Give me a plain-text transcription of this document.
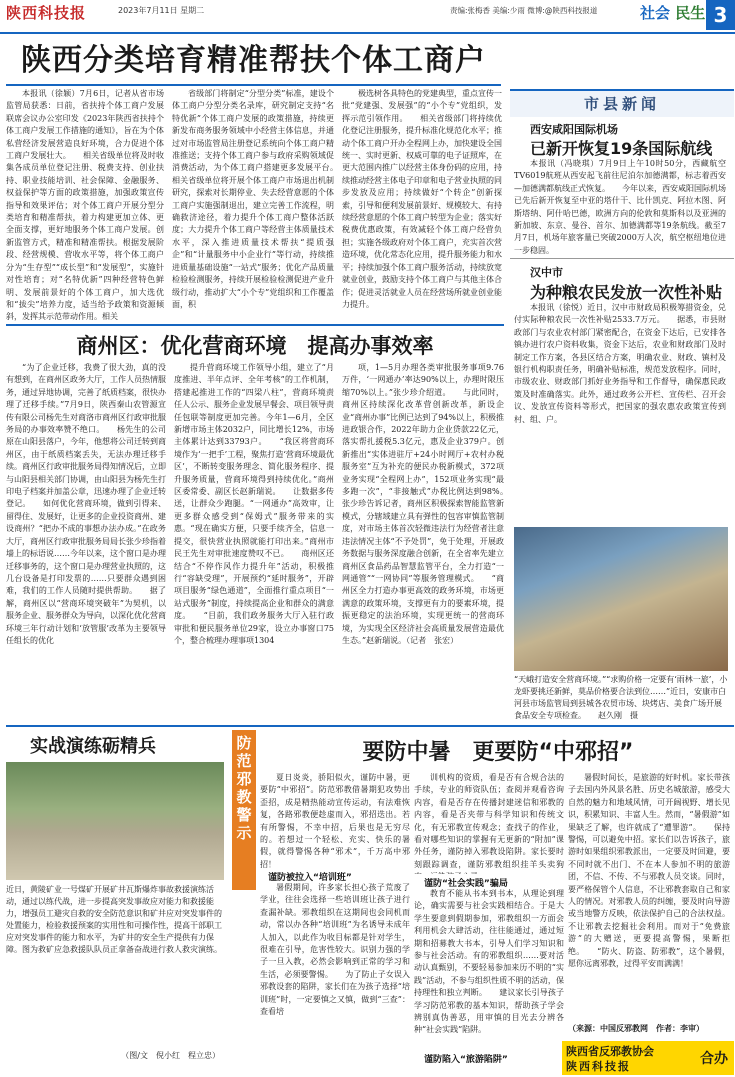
陕西科技报	2023年7月11日 星期二	责编:张梅香 美编:少雨 微博:@陕西科技报道	社会 民生 3
陕西分类培育精准帮扶个体工商户

本报讯（徐颖）7月6日，记者从省市场监管局获悉：日前，省扶持个体工商户发展联席会议办公室印发《2023年陕西省扶持个体工商户发展工作措施的通知》，旨在为个体私营经济发展营造良好环境，合力促进个体工商户发展壮大。　　相关省级单位将及时收集各成员单位登记注册、税费支持、创业扶持、职业技能培训、社会保障、金融服务、权益保护等方面的政策措施，加强政策宣传指导和效果评估；对个体工商户开展分型分类培育和精准帮扶，着力构建更加立体、更全面支撑，更好地服务个体工商户发展。创新监管方式，精准和精准帮扶。根据发展阶段、经营规模、营收水平等，将个体工商户分为“生存型”“成长型”和“发展型”，实施针对性培育；对“名特优新”四种经营特色鲜明、发展前景好的个体工商户，加大选优和“拔尖”培养力度，适当给予政策和资源倾斜，发挥其示范带动作用。相关

省级部门将制定“分型分类”标准，建设个体工商户分型分类名录库，研究制定支持“名特优新”个体工商户发展的政策措施，持续更新发布商务服务领域中小经营主体信息，并通过对市场监管局注册登记系统向个体工商户精准推送；支持个体工商户参与政府采购领域促消费活动，为个体工商户搭建更多发展平台。　　相关省级单位将开展个体工商户市场退出机制研究，探索对长期停业、失去经营意愿的个体工商户实施强制退出，建立完善工作流程，明确救济途径，着力提升个体工商户整体活跃度；大力提升个体工商户等经营主体质量技术水平，深入推进质量技术帮扶“提质强企”和“计量服务中小企业行”等行动，持续推进质量基础设施“一站式”服务；优化产品质量检验检测服务，持续开展检验检测促进产业升级行动，推动扩大“小个专”党组织和工作覆盖面，积

极选树各具特色的党建典型，重点宣传一批“党建强、发展强”的“小个专”党组织，发挥示范引领作用。　　相关省级部门将持续优化登记注册服务，提升标准化规范化水平；推动个体工商户开办全程网上办，加快建设全国统一、实时更新、权威可靠的电子证照库，在更大范围内推广以经营主体身份码的应用，持续推动经营主体电子印章和电子营业执照的同步发放及应用；持续做好“个转企”创新探索，引导和便利发展前景好、规模较大、有持续经营意愿的个体工商户转型为企业；落实好税费优惠政策，有效减轻个体工商户经营负担；实施各级政府对个体工商户，充实首次营造环境，优化常态化应用，提升服务能力和水平；持续加强个体工商户服务活动，持续放宽就业创业，鼓励支持个体工商户与其他主体合作；促进灵活就业人员在经营场所就业创业能力提升。

市县新闻
西安咸阳国际机场
已新开恢复19条国际航线

本报讯（冯晓琪）7月9日上午10时50分，西藏航空TV6019航班从西安起飞前往尼泊尔加德满都，标志着西安—加德满都航线正式恢复。　　今年以来，西安咸阳国际机场已先后新开恢复至中亚的塔什干、比什凯克、阿拉木图、阿斯塔纳、阿什哈巴德，欧洲方向的伦敦和莫斯科以及亚洲的新加坡、东京、曼谷、首尔、加德满都等19条航线。截至7月7日，机场年旅客量已突破2000万人次，航空枢纽地位进一步稳固。

汉中市
为种粮农民发放一次性补贴

本报讯（徐悦）近日，汉中市财政局积极筹措资金，兑付实际种粮农民一次性补贴2533.7万元。　　据悉，市县财政部门与农业农村部门紧密配合，在资金下达后，已安排各镇办进行农户资料收集，资金下达后，农业和财政部门及时制定工作方案，各县区结合方案，明确农业、财政、镇村及银行机构职责任务，明确补贴标准，规范发放程序。同时，市级农业、财政部门抓好业务指导和工作督导，确保惠民政策及时准确落实。此外，通过政务公开栏、宣传栏、召开会议、发放宣传资料等形式，把国家的强农惠农政策宣传到村、组、户。

“天峨打造安全营商环境。”“求购价格一定要有‘雨林一旅’，小龙虾要挑还新鲜，莫品价格要合法到位……”近日，安康市白河县市场监管局到县城各农贸市场、块烤店、美食广场开展食品安全专项检查。　　赵久刚　摄
商州区：优化营商环境　提高办事效率

“为了企业迁移，我费了很大劲，真的没有想到，在商州区政务大厅，工作人员热情服务，通过异地协调，完善了纸质档案，很快办理了迁移手续。”7月9日，陕西秦山农管源宣传有限公司杨先生对商洛市商州区行政审批服务局的办事效率赞不绝口。　　杨先生的公司原在山阳县落户，今年，他想将公司迁转到商州区，由于纸质档案丢失，无法办理迁移手续。商州区行政审批服务局得知情况后，立即与山阳县相关部门协调，由山阳县为杨先生打印电子档案并加盖公章，迅速办理了企业迁转登记。　　如何优化营商环境，做到引得来、留得住、发展好，让更多的企业投资商州、建设商州？“把办不成的事想办法办成。”在政务大厅，商州区行政审批服务局局长张少珍指着墙上的标语说……今年以来，这个窗口是办理迁移事务的，这个窗口是办理营业执照的，这几台设备是打印发票的……只要群众遇到困难，我们的工作人员随时提供帮助。　　据了解，商州区以“营商环境突破年”为契机，以服务企业、服务群众为导向，以深化优化营商环境三年行动计划和‘放管服’改革为主要领导任组长的优化

提升营商环境工作领导小组，建立了“月度推进、半年点评、全年考核”的工作机制，搭建起推进工作的“四梁八柱”，营商环境责任人公示、服务企业发展早餐会、项目领导责任包联等制度更加完善。今年1—6月，全区新增市场主体2032户，同比增长12%，市场主体累计达到33793户。　　“我区将营商环境作为‘一把手’工程，聚焦打造‘营商环境最优区’，不断转变服务理念、简化服务程序、提升服务质量，营商环境得到持续优化。”商州区委常委、副区长赵新瑞说。　　让数据多传送，让群众少跑腿。“一网通办”高效审，让更多群众感受到“保姆式”服务带来的实惠。“现在确实方便，只要手续齐全，信息一提交，很快营业执照就能打印出来。”商州市民王先生对审批速度赞叹不已。　　商州区还结合“不停作风作力提升年”活动，积极推行“容缺受理”，开展预约“延时服务”，开辟项目服务“绿色通道”，全面推行重点项目“一站式服务”制度，持续提高企业和群众的满意度。　　“目前，我们政务服务大厅入驻行政审批和便民服务单位29家，设立办事窗口75个，整合梳理办理事项1304

项，1—5月办理各类审批服务事项9.76万件，‘一网通办’率达90%以上，办理时限压缩70%以上。”张少珍介绍道。　　与此同时，商州区持续深化改革营创新改革，新设企业“商州办事”比例已达到了94%以上，积极推进政银合作，2022年助力企业贷款22亿元，落实帮扎援税5.3亿元，惠及企业379户。创新推出“实体进驻厅+24小时网厅+农村办税服务室”互为补充的便民办税新模式，372项业务实现“全程网上办”，152项业务实现“最多跑一次”，“非接触式”办税比例达到98%。　　张少珍告诉记者，商州区积极探索智能监管新模式，分辖域建立具有弹性的包容审慎监管制度，对市场主体首次轻微违法行为经营者注意违法情况主体“不予处罚”，免于处理，开展政务数据与服务深度融合创新，在全省率先建立商州区食品药品智慧监管平台，全力打造“一网通管”“一网协同”等服务管理模式。　　“商州区全力打造办事更高效的政务环境，市场更满意的政策环境，支撑更有力的要素环境，提振更稳定的法治环境，实现更统一的营商环境，为实现全区经济社会高质量发展营造最优生态。”赵新瑞说。（记者　张宏）

实战演练砺精兵
近日，黄陵矿业一号煤矿开展矿井瓦斯爆炸事故救援演练活动，通过以练代战，进一步提高突发事故应对能力和救援能力，增强员工避灾自救的安全防范意识和矿井应对突发事件的处置能力，检验救援预案的实用性和可操作性，提高干部职工应对突发事件的能力和水平，为矿井的安全生产提供有力保障。图为救矿应急救援队队员正拿备奋战进行救人救灾演练。
（图/文　倪小红　程立忠）
防范邪教警示
要防中暑　更要防“中邪招”

夏日炎炎，骄阳似火，谨防中暑，更要防“中邪招”。防范邪教借暑期犯攻势出歪招，成是精热能动宣传运动，有法难恢复，各路邪教便趁虚而入，邪招迭出。若有所警惕，不幸中招，后果也是无穷尽的。若想过一个轻松、充实、快乐的暑假，就得警惕各种“邪术”，千万高中邪招！

谨防被拉入“培训班”

暑假期间，许多家长担心孩子荒废了学业，往往会选择一些培训班让孩子进行查漏补缺。邪教组织在这期间也会同机而动，常以办各种“培训班”为名诱导未成年人加入，以此作为收目标都是针对学生，很难在引导，危害性较大。识别力强的学子一旦入教，必然会影响到正常的学习和生活，必须要警惕。　　为了防止子女误入邪教设套的陷阱，家长们在为孩子选择“培训班”时，一定要慎之又慎，做到“三查”：查看培

训机构的资质，看是否有合规合法的手续，专业的师资队伍；查阅并观看咨询内容，看是否存在传播封建迷信和邪教的内容，看是否夹带与科学知识和传统文化，有无邪教宣传观念；查找子的作业，看对哪些知识的掌握有无更新的“附加”课外任务，谨防掉入邪教设陷阱。家长要时刻跟踪调查，谨防邪教组织挂羊头卖狗

谨防“社会实践”骗局

教育不能从书本到书本，从理论到理论，确实需要与社会实践相结合。于是大学生要意到假期参加，邪教组织一方面会利用机会大肆活动，往往能通过，通过短期和招募教大书本，引导人们学习知识和参与社会活动。有的邪教组织……要对活动认真甄别，不要轻易参加来历不明的“实践”活动，不参与组织性质不明的活动，保持理性和独立判断。　　建议家长引导孩子学习防范邪教的基本知识，帮助孩子学会辨别真伪善恶，用审慎的目光去分辨各种“社会实践”陷阱。

谨防陷入“旅游陷阱”

暑假时间长，是旅游的好时机。家长带孩子去国内外风景名胜、历史名城旅游，感受大自然的魅力和地域风情，可开阔视野、增长见识，积累知识、丰富人生。然而，“暑假游”如果缺乏了解，也许就成了“遭罪游”。　　保持警惕，可以避免中招。家长们以告诉孩子，旅游时如果组织邪教派出，一定要及时回避，要不同时就不出门、不在本人参加不明的旅游团，不信、不传、不与邪教人员交谈。同时，要严格保管个人信息，不让邪教套取自己和家人的情况。对邪教人员的纠缠，要及时向导游或当地警方反映，依法保护自己的合法权益。不让邪教去挖掘社会利用。而对于“免费旅游”的大赠送，更要提高警惕，果断拒绝。　　“防火、防盗、防邪教”，这个暑假，愿你远离邪教，过得平安而满满！

（来源：中国反邪教网　作者：李审）
陕西省反邪教协会
陕西科技报	合办
